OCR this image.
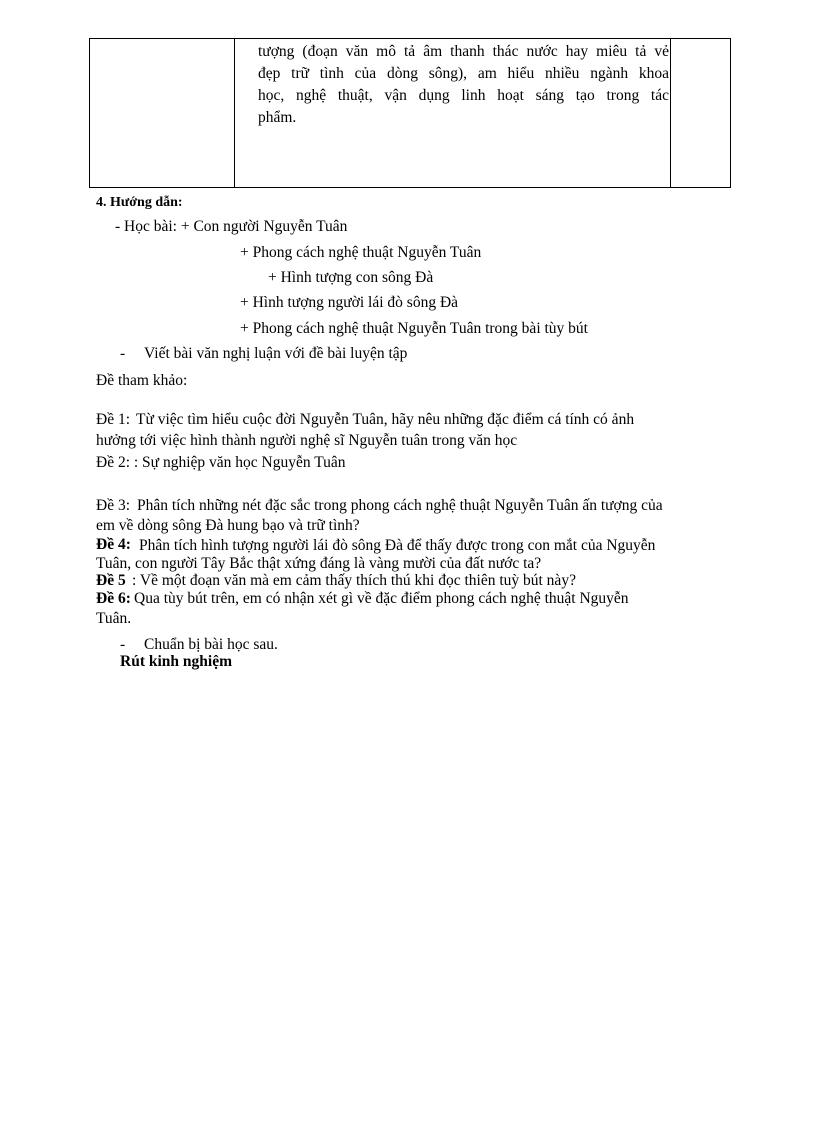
tượng (đoạn văn mô tả âm thanh thác nước hay miêu tả vẻ
đẹp trữ tình của dòng sông), am hiểu nhiều ngành khoa
học, nghệ thuật, vận dụng linh hoạt sáng tạo trong tác
phẩm.
4. Hướng dẫn:
- Học bài: + Con người Nguyễn Tuân
+ Phong cách nghệ thuật Nguyễn Tuân
+ Hình tượng con sông Đà
+ Hình tượng người lái đò sông Đà
+ Phong cách nghệ thuật Nguyễn Tuân trong bài tùy bút
- Viết bài văn nghị luận với đề bài luyện tập
Đề tham khảo:
Đề 1: Từ việc tìm hiểu cuộc đời Nguyễn Tuân, hãy nêu những đặc điểm cá tính có ảnh
hưởng tới việc hình thành người nghệ sĩ Nguyễn tuân trong văn học
Đề 2: : Sự nghiệp văn học Nguyễn Tuân
Đề 3: Phân tích những nét đặc sắc trong phong cách nghệ thuật Nguyễn Tuân ấn tượng của
em về dòng sông Đà hung bạo và trữ tình?
Đề 4: Phân tích hình tượng người lái đò sông Đà để thấy được trong con mắt của Nguyễn
Tuân, con người Tây Bắc thật xứng đáng là vàng mười của đất nước ta?
Đề 5 : Về một đoạn văn mà em cảm thấy thích thú khi đọc thiên tuỳ bút này?
Đề 6: Qua tùy bút trên, em có nhận xét gì về đặc điểm phong cách nghệ thuật Nguyễn
Tuân.
- Chuẩn bị bài học sau.
Rút kinh nghiệm
